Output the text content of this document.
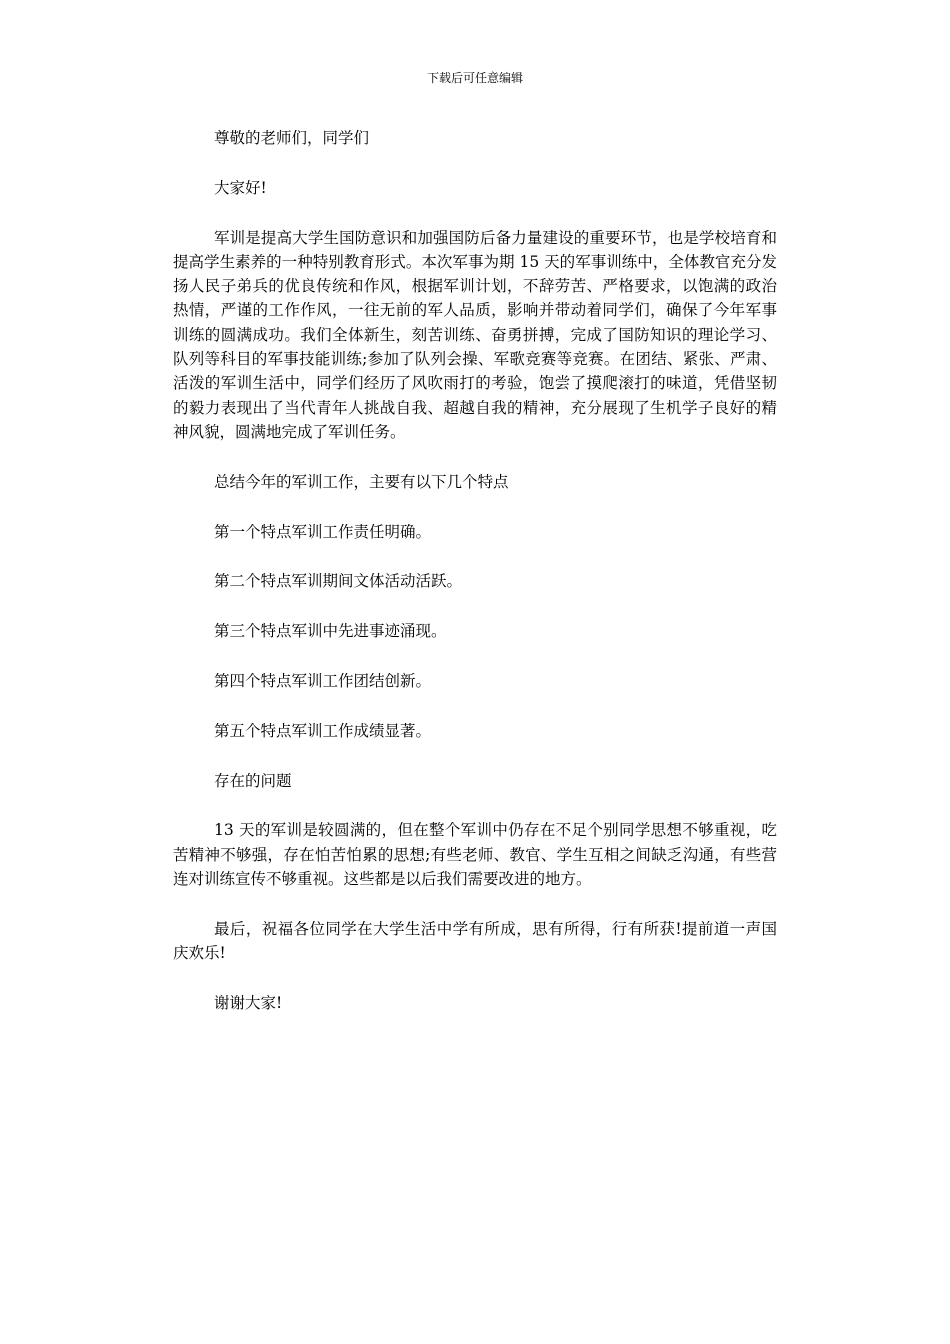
下载后可任意编辑

尊敬的老师们，同学们

大家好!

军训是提高大学生国防意识和加强国防后备力量建设的重要环节，也是学校培育和提高学生素养的一种特别教育形式。本次军事为期 15 天的军事训练中，全体教官充分发扬人民子弟兵的优良传统和作风，根据军训计划，不辞劳苦、严格要求，以饱满的政治热情，严谨的工作作风，一往无前的军人品质，影响并带动着同学们，确保了今年军事训练的圆满成功。我们全体新生，刻苦训练、奋勇拼搏，完成了国防知识的理论学习、队列等科目的军事技能训练;参加了队列会操、军歌竞赛等竞赛。在团结、紧张、严肃、活泼的军训生活中，同学们经历了风吹雨打的考验，饱尝了摸爬滚打的味道，凭借坚韧的毅力表现出了当代青年人挑战自我、超越自我的精神，充分展现了生机学子良好的精神风貌，圆满地完成了军训任务。

总结今年的军训工作，主要有以下几个特点

第一个特点军训工作责任明确。

第二个特点军训期间文体活动活跃。

第三个特点军训中先进事迹涌现。

第四个特点军训工作团结创新。

第五个特点军训工作成绩显著。

存在的问题

13 天的军训是较圆满的，但在整个军训中仍存在不足个别同学思想不够重视，吃苦精神不够强，存在怕苦怕累的思想;有些老师、教官、学生互相之间缺乏沟通，有些营连对训练宣传不够重视。这些都是以后我们需要改进的地方。

最后，祝福各位同学在大学生活中学有所成，思有所得，行有所获!提前道一声国庆欢乐!

谢谢大家!
